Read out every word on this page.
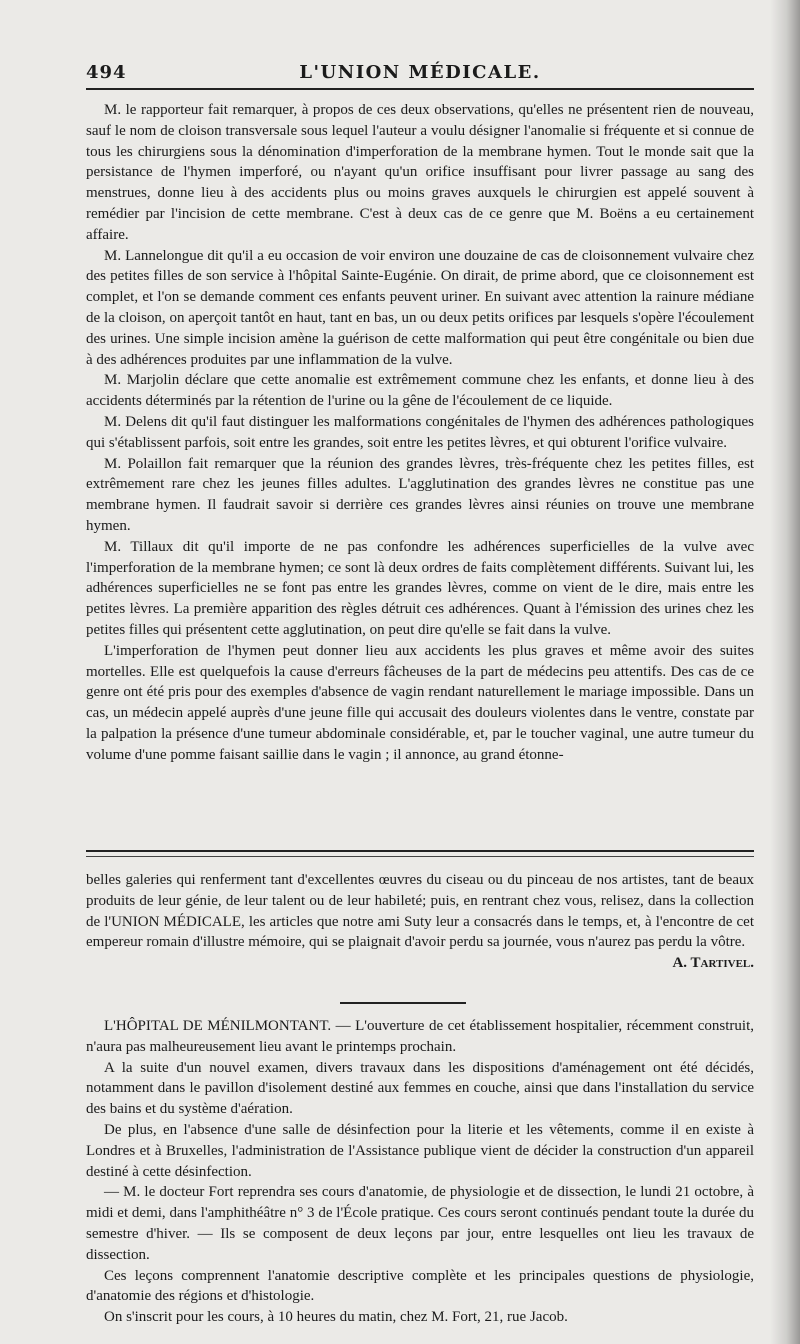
494	L'UNION MÉDICALE.

M. le rapporteur fait remarquer, à propos de ces deux observations, qu'elles ne présentent rien de nouveau, sauf le nom de cloison transversale sous lequel l'auteur a voulu désigner l'anomalie si fréquente et si connue de tous les chirurgiens sous la dénomination d'imperforation de la membrane hymen. Tout le monde sait que la persistance de l'hymen imperforé, ou n'ayant qu'un orifice insuffisant pour livrer passage au sang des menstrues, donne lieu à des accidents plus ou moins graves auxquels le chirurgien est appelé souvent à remédier par l'incision de cette membrane. C'est à deux cas de ce genre que M. Boëns a eu certainement affaire.

M. Lannelongue dit qu'il a eu occasion de voir environ une douzaine de cas de cloisonnement vulvaire chez des petites filles de son service à l'hôpital Sainte-Eugénie. On dirait, de prime abord, que ce cloisonnement est complet, et l'on se demande comment ces enfants peuvent uriner. En suivant avec attention la rainure médiane de la cloison, on aperçoit tantôt en haut, tant en bas, un ou deux petits orifices par lesquels s'opère l'écoulement des urines. Une simple incision amène la guérison de cette malformation qui peut être congénitale ou bien due à des adhérences produites par une inflammation de la vulve.

M. Marjolin déclare que cette anomalie est extrêmement commune chez les enfants, et donne lieu à des accidents déterminés par la rétention de l'urine ou la gêne de l'écoulement de ce liquide.

M. Delens dit qu'il faut distinguer les malformations congénitales de l'hymen des adhérences pathologiques qui s'établissent parfois, soit entre les grandes, soit entre les petites lèvres, et qui obturent l'orifice vulvaire.

M. Polaillon fait remarquer que la réunion des grandes lèvres, très-fréquente chez les petites filles, est extrêmement rare chez les jeunes filles adultes. L'agglutination des grandes lèvres ne constitue pas une membrane hymen. Il faudrait savoir si derrière ces grandes lèvres ainsi réunies on trouve une membrane hymen.

M. Tillaux dit qu'il importe de ne pas confondre les adhérences superficielles de la vulve avec l'imperforation de la membrane hymen; ce sont là deux ordres de faits complètement différents. Suivant lui, les adhérences superficielles ne se font pas entre les grandes lèvres, comme on vient de le dire, mais entre les petites lèvres. La première apparition des règles détruit ces adhérences. Quant à l'émission des urines chez les petites filles qui présentent cette agglutination, on peut dire qu'elle se fait dans la vulve.

L'imperforation de l'hymen peut donner lieu aux accidents les plus graves et même avoir des suites mortelles. Elle est quelquefois la cause d'erreurs fâcheuses de la part de médecins peu attentifs. Des cas de ce genre ont été pris pour des exemples d'absence de vagin rendant naturellement le mariage impossible. Dans un cas, un médecin appelé auprès d'une jeune fille qui accusait des douleurs violentes dans le ventre, constate par la palpation la présence d'une tumeur abdominale considérable, et, par le toucher vaginal, une autre tumeur du volume d'une pomme faisant saillie dans le vagin ; il annonce, au grand étonne-

belles galeries qui renferment tant d'excellentes œuvres du ciseau ou du pinceau de nos artistes, tant de beaux produits de leur génie, de leur talent ou de leur habileté; puis, en rentrant chez vous, relisez, dans la collection de l'UNION MÉDICALE, les articles que notre ami Suty leur a consacrés dans le temps, et, à l'encontre de cet empereur romain d'illustre mémoire, qui se plaignait d'avoir perdu sa journée, vous n'aurez pas perdu la vôtre.

A. Tartivel.

L'HÔPITAL DE MÉNILMONTANT. — L'ouverture de cet établissement hospitalier, récemment construit, n'aura pas malheureusement lieu avant le printemps prochain.

A la suite d'un nouvel examen, divers travaux dans les dispositions d'aménagement ont été décidés, notamment dans le pavillon d'isolement destiné aux femmes en couche, ainsi que dans l'installation du service des bains et du système d'aération.

De plus, en l'absence d'une salle de désinfection pour la literie et les vêtements, comme il en existe à Londres et à Bruxelles, l'administration de l'Assistance publique vient de décider la construction d'un appareil destiné à cette désinfection.

— M. le docteur Fort reprendra ses cours d'anatomie, de physiologie et de dissection, le lundi 21 octobre, à midi et demi, dans l'amphithéâtre n° 3 de l'École pratique. Ces cours seront continués pendant toute la durée du semestre d'hiver. — Ils se composent de deux leçons par jour, entre lesquelles ont lieu les travaux de dissection.

Ces leçons comprennent l'anatomie descriptive complète et les principales questions de physiologie, d'anatomie des régions et d'histologie.

On s'inscrit pour les cours, à 10 heures du matin, chez M. Fort, 21, rue Jacob.
